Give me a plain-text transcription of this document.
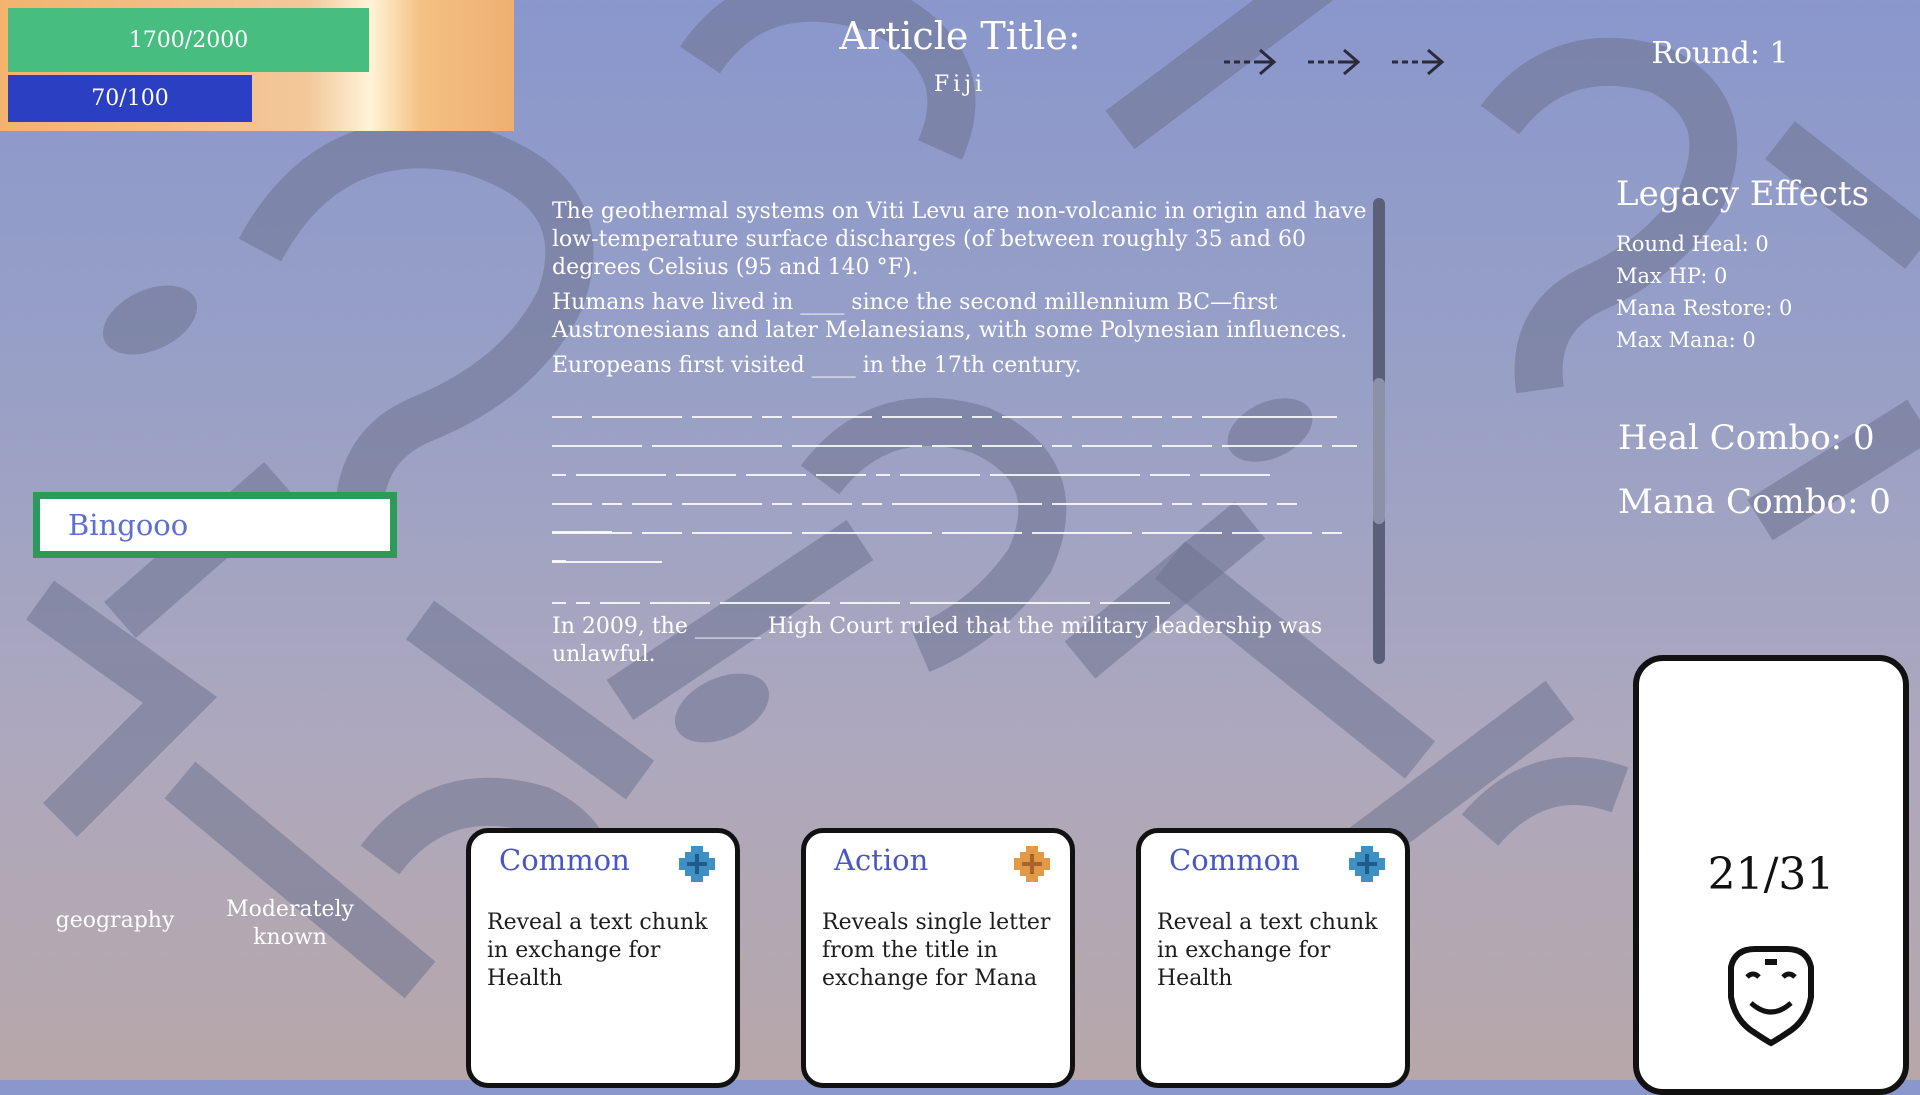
1700/2000
70/100
Article Title:
Fiji
Round: 1

The geothermal systems on Viti Levu are non-volcanic in origin and have low-temperature surface discharges (of between roughly 35 and 60 degrees Celsius (95 and 140 °F).

Humans have lived in ____ since the second millennium BC—first Austronesians and later Melanesians, with some Polynesian influences.

Europeans first visited ____ in the 17th century.

In 2009, the ______ High Court ruled that the military leadership was unlawful.

Legacy Effects
Round Heal: 0
Max HP: 0
Mana Restore: 0
Max Mana: 0
Heal Combo: 0
Mana Combo: 0
Bingooo
geography	Moderately known
Common
Reveal a text chunk in exchange for Health
Action
Reveals single letter from the title in exchange for Mana
Common
Reveal a text chunk in exchange for Health
21/31
